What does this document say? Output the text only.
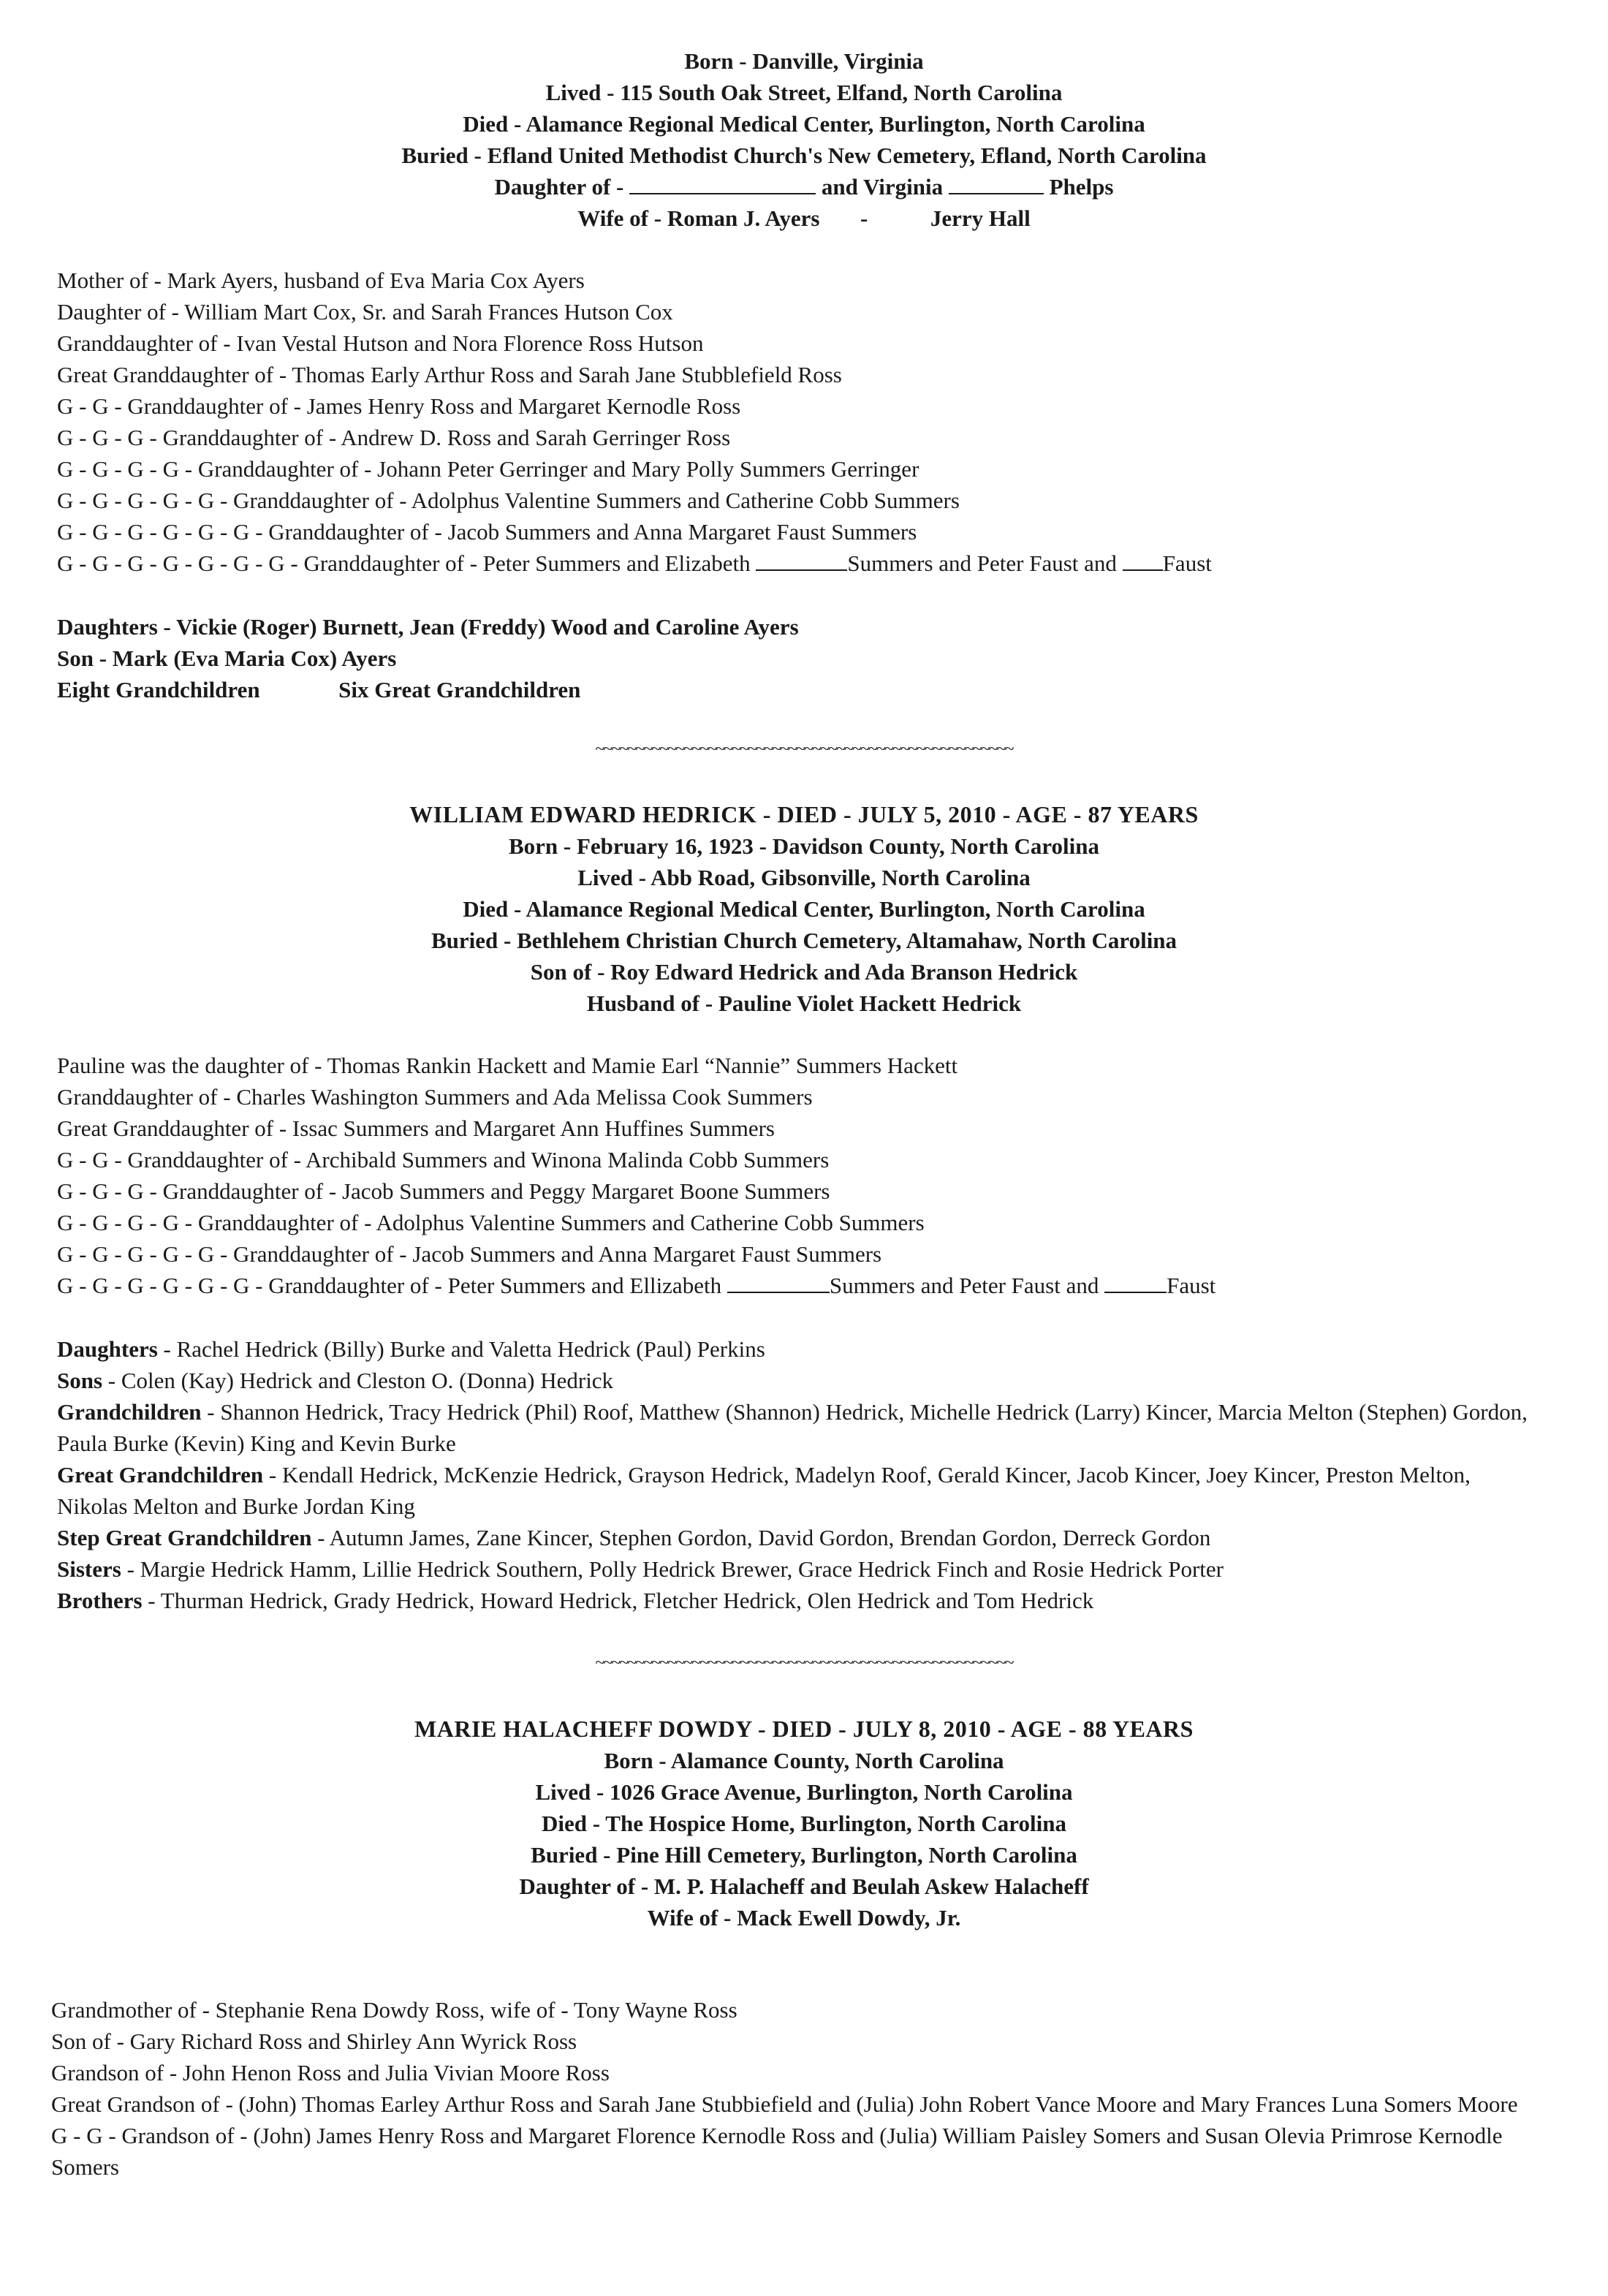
Born - Danville, Virginia
Lived - 115 South Oak Street, Elfand, North Carolina
Died - Alamance Regional Medical Center, Burlington, North Carolina
Buried - Efland United Methodist Church's New Cemetery, Efland, North Carolina
Daughter of -	and Virginia	Phelps
Wife of - Roman J. Ayers -	Jerry Hall
Mother of - Mark Ayers, husband of Eva Maria Cox Ayers
Daughter of - William Mart Cox, Sr. and Sarah Frances Hutson Cox
Granddaughter of - Ivan Vestal Hutson and Nora Florence Ross Hutson
Great Granddaughter of - Thomas Early Arthur Ross and Sarah Jane Stubblefield Ross
G - G - Granddaughter of - James Henry Ross and Margaret Kernodle Ross
G - G - G - Granddaughter of - Andrew D. Ross and Sarah Gerringer Ross
G - G - G - G - Granddaughter of - Johann Peter Gerringer and Mary Polly Summers Gerringer
G - G - G - G - G - Granddaughter of - Adolphus Valentine Summers and Catherine Cobb Summers
G - G - G - G - G - G - Granddaughter of - Jacob Summers and Anna Margaret Faust Summers
G - G - G - G - G - G - G - Granddaughter of - Peter Summers and Elizabeth	Summers and Peter Faust and Faust
Daughters - Vickie (Roger) Burnett, Jean (Freddy) Wood and Caroline Ayers
Son - Mark (Eva Maria Cox) Ayers
Eight Grandchildren	Six Great Grandchildren
~~~~~~~~~~~~~~~~~~~~~~~~~~~~~~~~~~~~~~~~~~~~~~~~~~~~
WILLIAM EDWARD HEDRICK - DIED - JULY 5, 2010 - AGE - 87 YEARS
Born - February 16, 1923 - Davidson County, North Carolina
Lived - Abb Road, Gibsonville, North Carolina
Died - Alamance Regional Medical Center, Burlington, North Carolina
Buried - Bethlehem Christian Church Cemetery, Altamahaw, North Carolina
Son of - Roy Edward Hedrick and Ada Branson Hedrick
Husband of - Pauline Violet Hackett Hedrick
Pauline was the daughter of - Thomas Rankin Hackett and Mamie Earl “Nannie” Summers Hackett
Granddaughter of - Charles Washington Summers and Ada Melissa Cook Summers
Great Granddaughter of - Issac Summers and Margaret Ann Huffines Summers
G - G - Granddaughter of - Archibald Summers and Winona Malinda Cobb Summers
G - G - G - Granddaughter of - Jacob Summers and Peggy Margaret Boone Summers
G - G - G - G - Granddaughter of - Adolphus Valentine Summers and Catherine Cobb Summers
G - G - G - G - G - Granddaughter of - Jacob Summers and Anna Margaret Faust Summers
G - G - G - G - G - G - Granddaughter of - Peter Summers and Ellizabeth	Summers and Peter Faust and	Faust
Daughters - Rachel Hedrick (Billy) Burke and Valetta Hedrick (Paul) Perkins
Sons - Colen (Kay) Hedrick and Cleston O. (Donna) Hedrick
Grandchildren - Shannon Hedrick, Tracy Hedrick (Phil) Roof, Matthew (Shannon) Hedrick, Michelle Hedrick (Larry) Kincer, Marcia Melton (Stephen) Gordon, Paula Burke (Kevin) King and Kevin Burke
Great Grandchildren - Kendall Hedrick, McKenzie Hedrick, Grayson Hedrick, Madelyn Roof, Gerald Kincer, Jacob Kincer, Joey Kincer, Preston Melton, Nikolas Melton and Burke Jordan King
Step Great Grandchildren - Autumn James, Zane Kincer, Stephen Gordon, David Gordon, Brendan Gordon, Derreck Gordon
Sisters - Margie Hedrick Hamm, Lillie Hedrick Southern, Polly Hedrick Brewer, Grace Hedrick Finch and Rosie Hedrick Porter
Brothers - Thurman Hedrick, Grady Hedrick, Howard Hedrick, Fletcher Hedrick, Olen Hedrick and Tom Hedrick
~~~~~~~~~~~~~~~~~~~~~~~~~~~~~~~~~~~~~~~~~~~~~~~~~~~~
MARIE HALACHEFF DOWDY - DIED - JULY 8, 2010 - AGE - 88 YEARS
Born - Alamance County, North Carolina
Lived - 1026 Grace Avenue, Burlington, North Carolina
Died - The Hospice Home, Burlington, North Carolina
Buried - Pine Hill Cemetery, Burlington, North Carolina
Daughter of - M. P. Halacheff and Beulah Askew Halacheff
Wife of - Mack Ewell Dowdy, Jr.
Grandmother of - Stephanie Rena Dowdy Ross, wife of - Tony Wayne Ross
Son of - Gary Richard Ross and Shirley Ann Wyrick Ross
Grandson of - John Henon Ross and Julia Vivian Moore Ross
Great Grandson of - (John) Thomas Earley Arthur Ross and Sarah Jane Stubbiefield and (Julia) John Robert Vance Moore and Mary Frances Luna Somers Moore
G - G - Grandson of - (John) James Henry Ross and Margaret Florence Kernodle Ross and (Julia) William Paisley Somers and Susan Olevia Primrose Kernodle Somers
